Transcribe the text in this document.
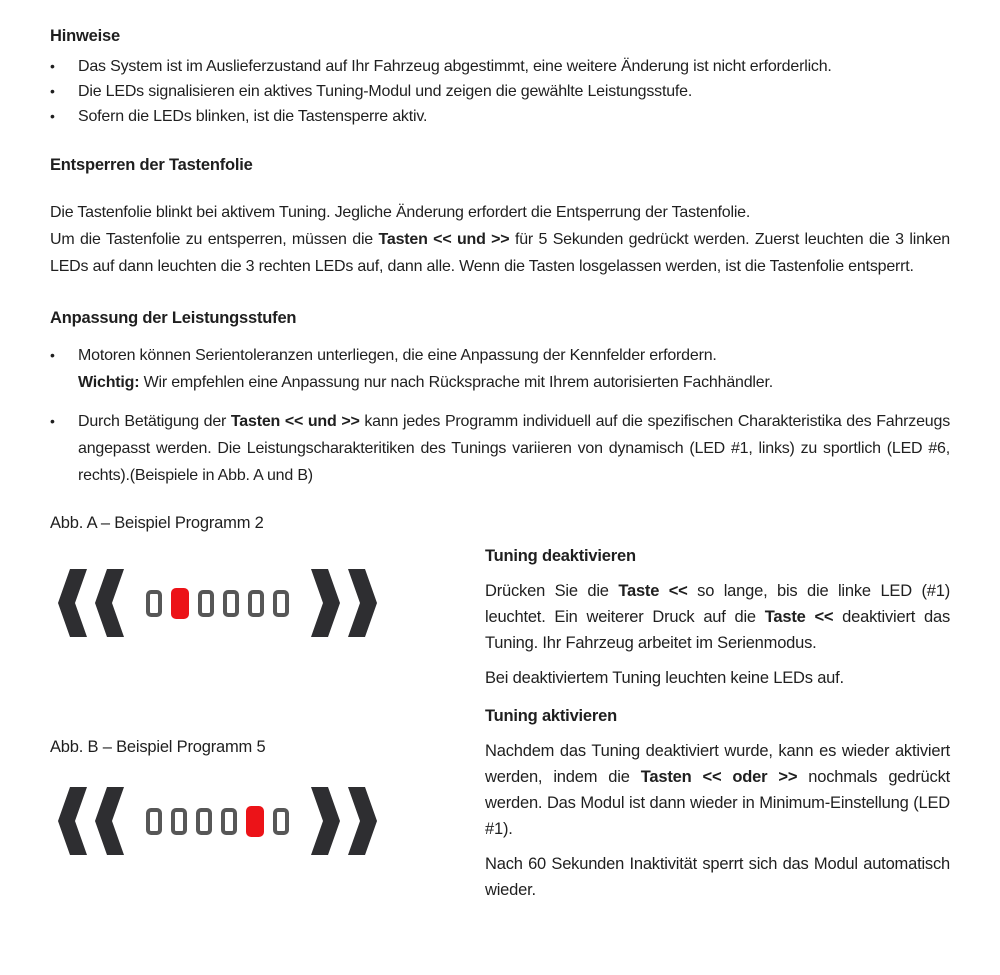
Hinweise
•	Das System ist im Auslieferzustand auf Ihr Fahrzeug abgestimmt, eine weitere Änderung ist nicht erforderlich.
•	Die LEDs signalisieren ein aktives Tuning-Modul und zeigen die gewählte Leistungsstufe.
•	Sofern die LEDs blinken, ist die Tastensperre aktiv.
Entsperren der Tastenfolie
Die Tastenfolie blinkt bei aktivem Tuning. Jegliche Änderung erfordert die Entsperrung der Tastenfolie.
Um die Tastenfolie zu entsperren, müssen die Tasten << und >> für 5 Sekunden gedrückt werden. Zuerst leuchten die 3 linken LEDs auf dann leuchten die 3 rechten LEDs auf, dann alle. Wenn die Tasten losgelassen werden, ist die Tastenfolie entsperrt.
Anpassung der Leistungsstufen
•	Motoren können Serientoleranzen unterliegen, die eine Anpassung der Kennfelder erfordern.
Wichtig: Wir empfehlen eine Anpassung nur nach Rücksprache mit Ihrem autorisierten Fachhändler.
•	Durch Betätigung der Tasten << und >> kann jedes Programm individuell auf die spezifischen Charakteristika des Fahrzeugs angepasst werden. Die Leistungscharakteritiken des Tunings variieren von dynamisch (LED #1, links) zu sportlich (LED #6, rechts).(Beispiele in Abb. A und B)
Abb. A – Beispiel Programm 2
Abb. B – Beispiel Programm 5
Tuning deaktivieren

Drücken Sie die Taste << so lange, bis die linke LED (#1) leuchtet. Ein weiterer Druck auf die Taste << deaktiviert das Tuning. Ihr Fahrzeug arbeitet im Serienmodus.

Bei deaktiviertem Tuning leuchten keine LEDs auf.

Tuning aktivieren

Nachdem das Tuning deaktiviert wurde, kann es wieder aktiviert werden, indem die Tasten << oder >> nochmals gedrückt werden. Das Modul ist dann wieder in Minimum-Einstellung (LED #1).

Nach 60 Sekunden Inaktivität sperrt sich das Modul automatisch wieder.
